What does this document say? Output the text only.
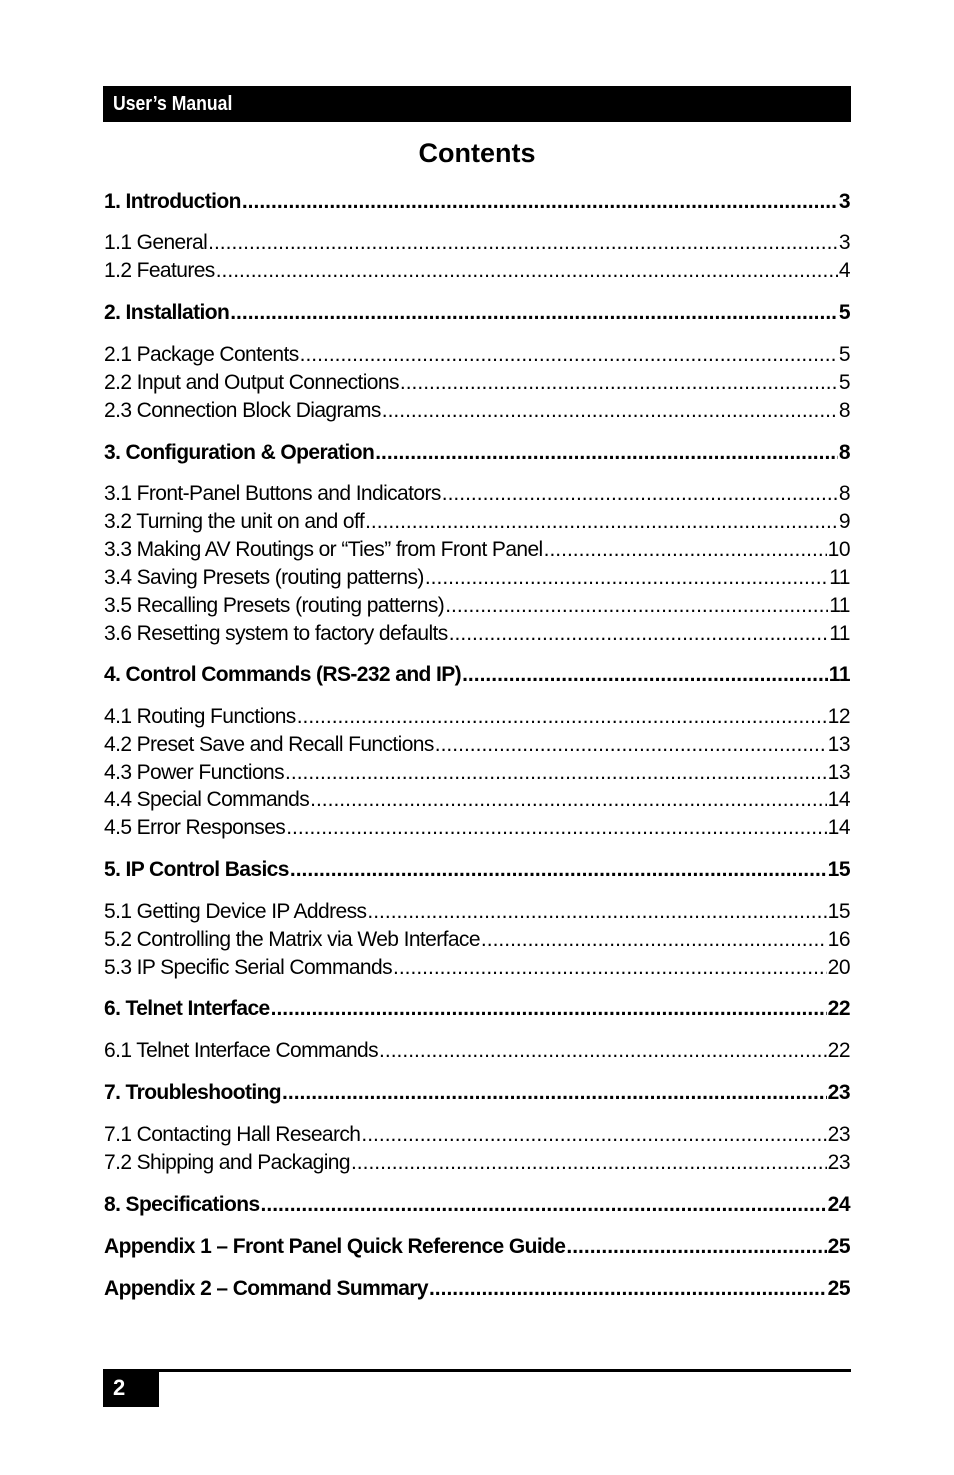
User’s Manual
Contents
1. Introduction .....	3
1.1 General .....	3
1.2 Features .....	4
2. Installation .....	5
2.1 Package Contents .....	5
2.2 Input and Output Connections .....	5
2.3 Connection Block Diagrams .....	8
3. Configuration & Operation .....	8
3.1 Front-Panel Buttons and Indicators .....	8
3.2 Turning the unit on and off .....	9
3.3 Making AV Routings or “Ties” from Front Panel .....	10
3.4 Saving Presets (routing patterns) .....	11
3.5 Recalling Presets (routing patterns) .....	11
3.6 Resetting system to factory defaults .....	11
4. Control Commands (RS-232 and IP) .....	11
4.1 Routing Functions .....	12
4.2 Preset Save and Recall Functions .....	13
4.3 Power Functions .....	13
4.4 Special Commands .....	14
4.5 Error Responses .....	14
5. IP Control Basics .....	15
5.1 Getting Device IP Address .....	15
5.2 Controlling the Matrix via Web Interface .....	16
5.3 IP Specific Serial Commands .....	20
6. Telnet Interface .....	22
6.1 Telnet Interface Commands .....	22
7. Troubleshooting .....	23
7.1 Contacting Hall Research .....	23
7.2 Shipping and Packaging .....	23
8. Specifications .....	24
Appendix 1 – Front Panel Quick Reference Guide .....	25
Appendix 2 – Command Summary .....	25
2
